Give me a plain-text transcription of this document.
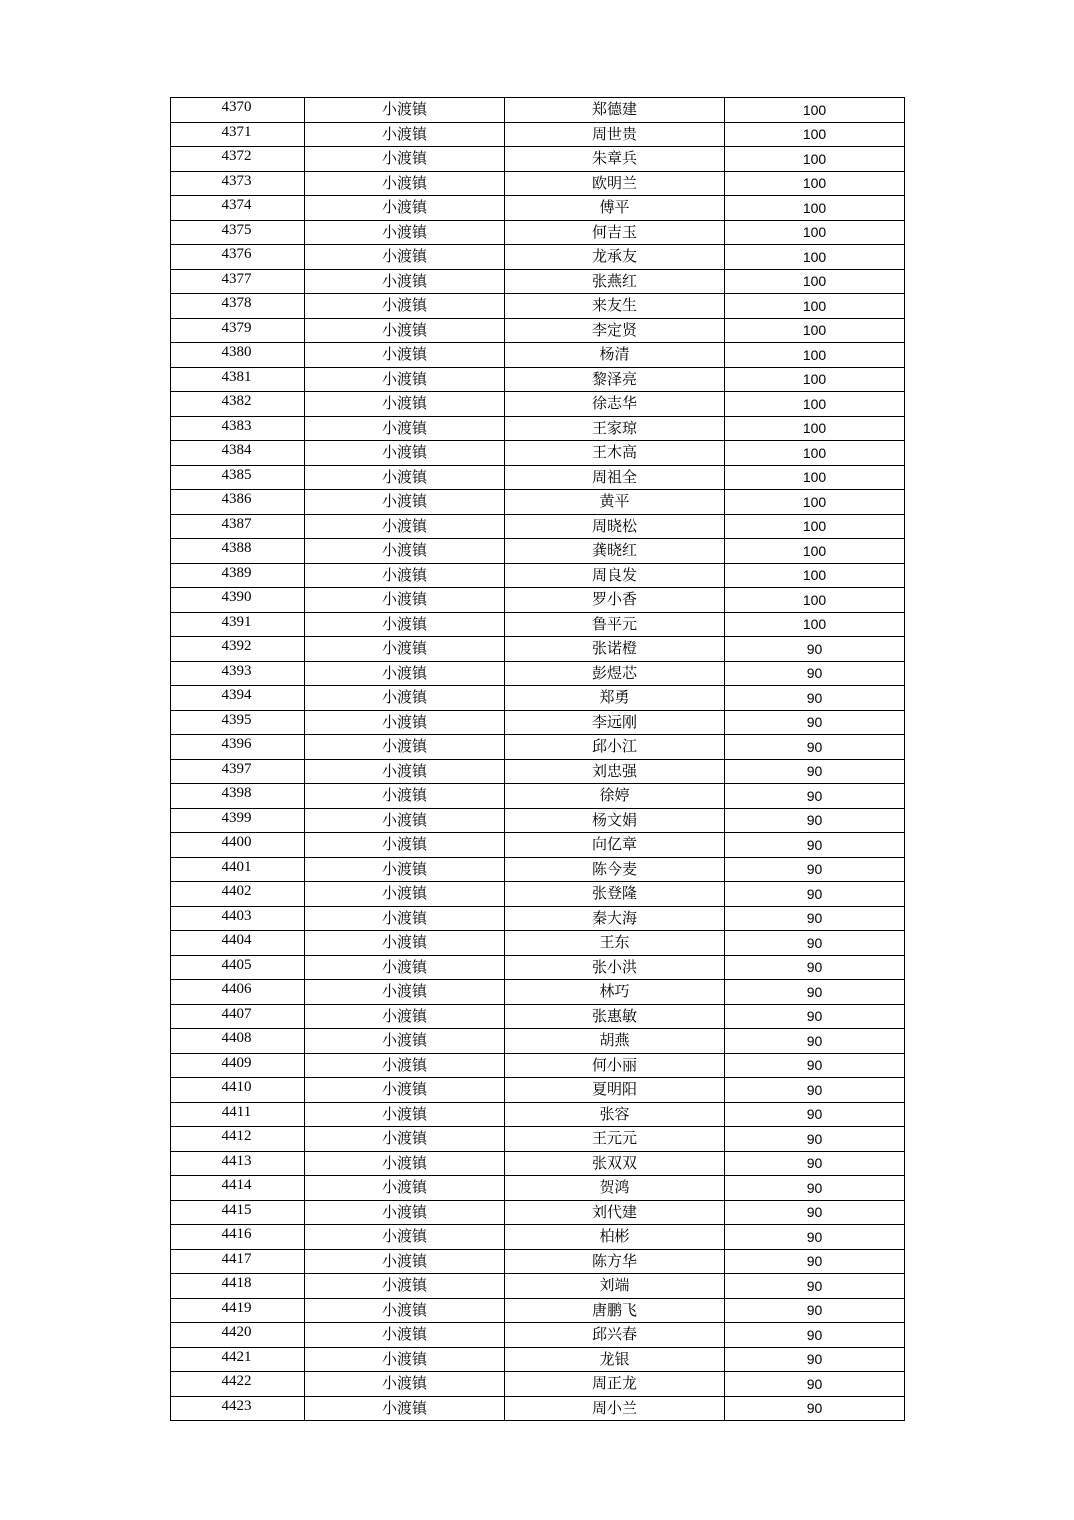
4370	小渡镇	郑德建	100

4371	小渡镇	周世贵	100

4372	小渡镇	朱章兵	100

4373	小渡镇	欧明兰	100

4374	小渡镇	傅平	100

4375	小渡镇	何吉玉	100

4376	小渡镇	龙承友	100

4377	小渡镇	张燕红	100

4378	小渡镇	来友生	100

4379	小渡镇	李定贤	100

4380	小渡镇	杨清	100

4381	小渡镇	黎泽亮	100

4382	小渡镇	徐志华	100

4383	小渡镇	王家琼	100

4384	小渡镇	王木高	100

4385	小渡镇	周祖全	100

4386	小渡镇	黄平	100

4387	小渡镇	周晓松	100

4388	小渡镇	龚晓红	100

4389	小渡镇	周良发	100

4390	小渡镇	罗小香	100

4391	小渡镇	鲁平元	100

4392	小渡镇	张诺橙	90

4393	小渡镇	彭煜芯	90

4394	小渡镇	郑勇	90

4395	小渡镇	李远刚	90

4396	小渡镇	邱小江	90

4397	小渡镇	刘忠强	90

4398	小渡镇	徐婷	90

4399	小渡镇	杨文娟	90

4400	小渡镇	向亿章	90

4401	小渡镇	陈今麦	90

4402	小渡镇	张登隆	90

4403	小渡镇	秦大海	90

4404	小渡镇	王东	90

4405	小渡镇	张小洪	90

4406	小渡镇	林巧	90

4407	小渡镇	张惠敏	90

4408	小渡镇	胡燕	90

4409	小渡镇	何小丽	90

4410	小渡镇	夏明阳	90

4411	小渡镇	张容	90

4412	小渡镇	王元元	90

4413	小渡镇	张双双	90

4414	小渡镇	贺鸿	90

4415	小渡镇	刘代建	90

4416	小渡镇	柏彬	90

4417	小渡镇	陈方华	90

4418	小渡镇	刘端	90

4419	小渡镇	唐鹏飞	90

4420	小渡镇	邱兴春	90

4421	小渡镇	龙银	90

4422	小渡镇	周正龙	90

4423	小渡镇	周小兰	90
